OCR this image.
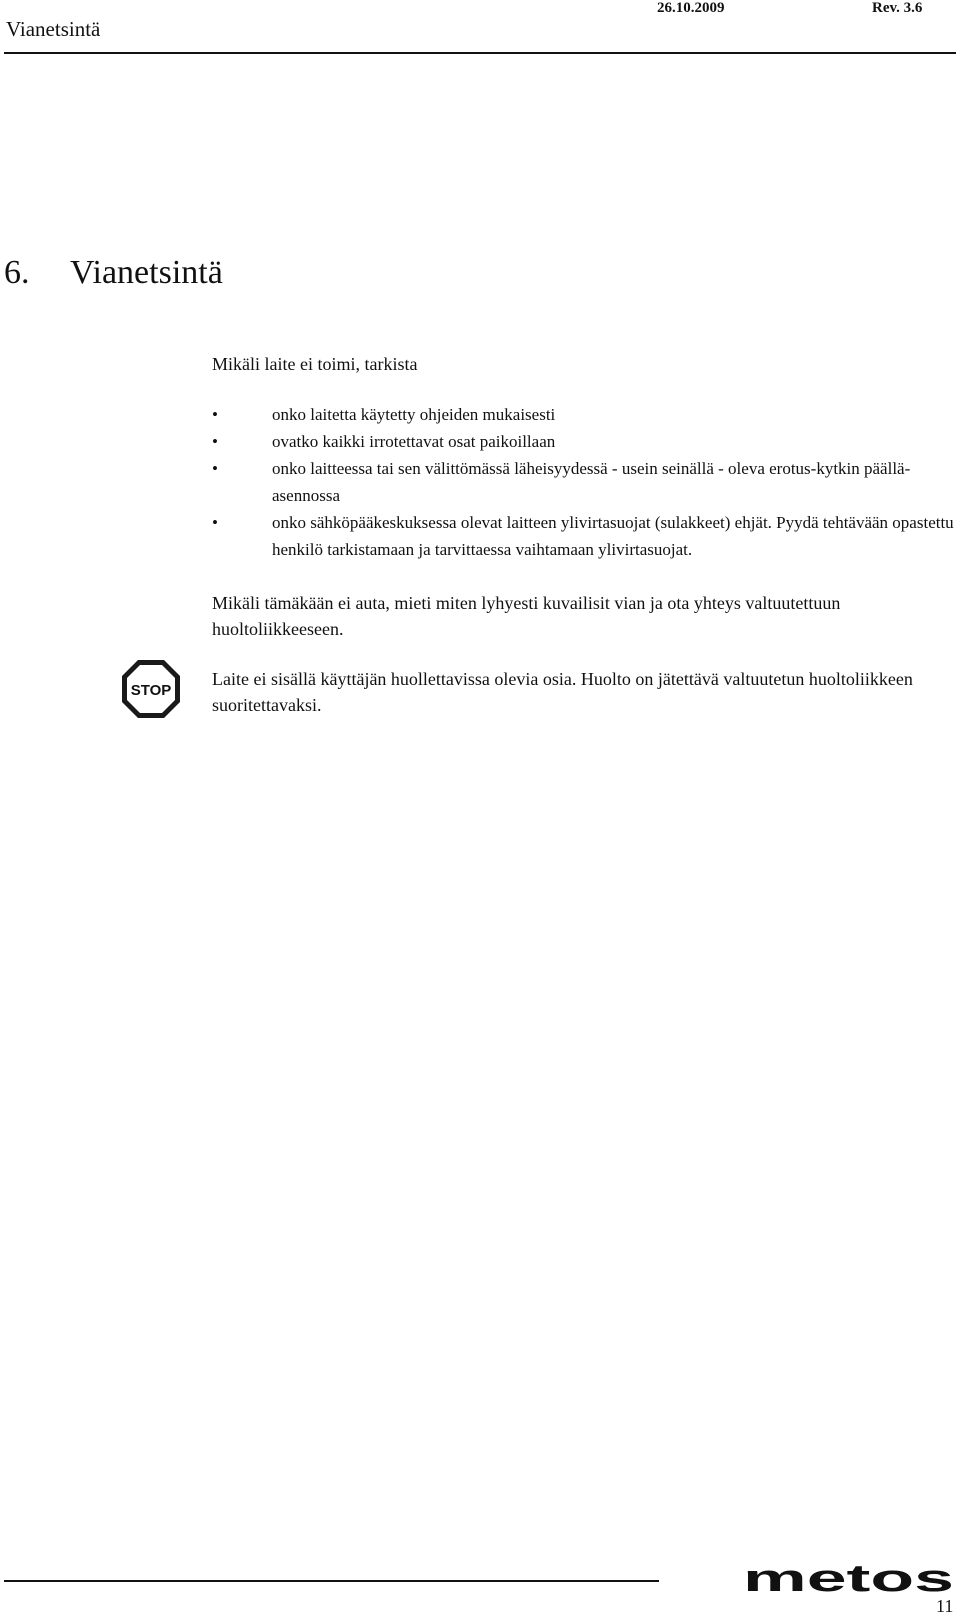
Vianetsintä
26.10.2009	Rev. 3.6
6. Vianetsintä
Mikäli laite ei toimi, tarkista
•	onko laitetta käytetty ohjeiden mukaisesti
•	ovatko kaikki irrotettavat osat paikoillaan
•	onko laitteessa tai sen välittömässä läheisyydessä - usein seinällä - oleva erotus-kytkin päällä-asennossa
•	onko sähköpääkeskuksessa olevat laitteen ylivirtasuojat (sulakkeet) ehjät. Pyydä tehtävään opastettu henkilö tarkistamaan ja tarvittaessa vaihtamaan ylivirtasuojat.
Mikäli tämäkään ei auta, mieti miten lyhyesti kuvailisit vian ja ota yhteys valtuutettuun huoltoliikkeeseen.
STOP
Laite ei sisällä käyttäjän huollettavissa olevia osia. Huolto on jätettävä valtuutetun huoltoliikkeen suoritettavaksi.
metos
11
